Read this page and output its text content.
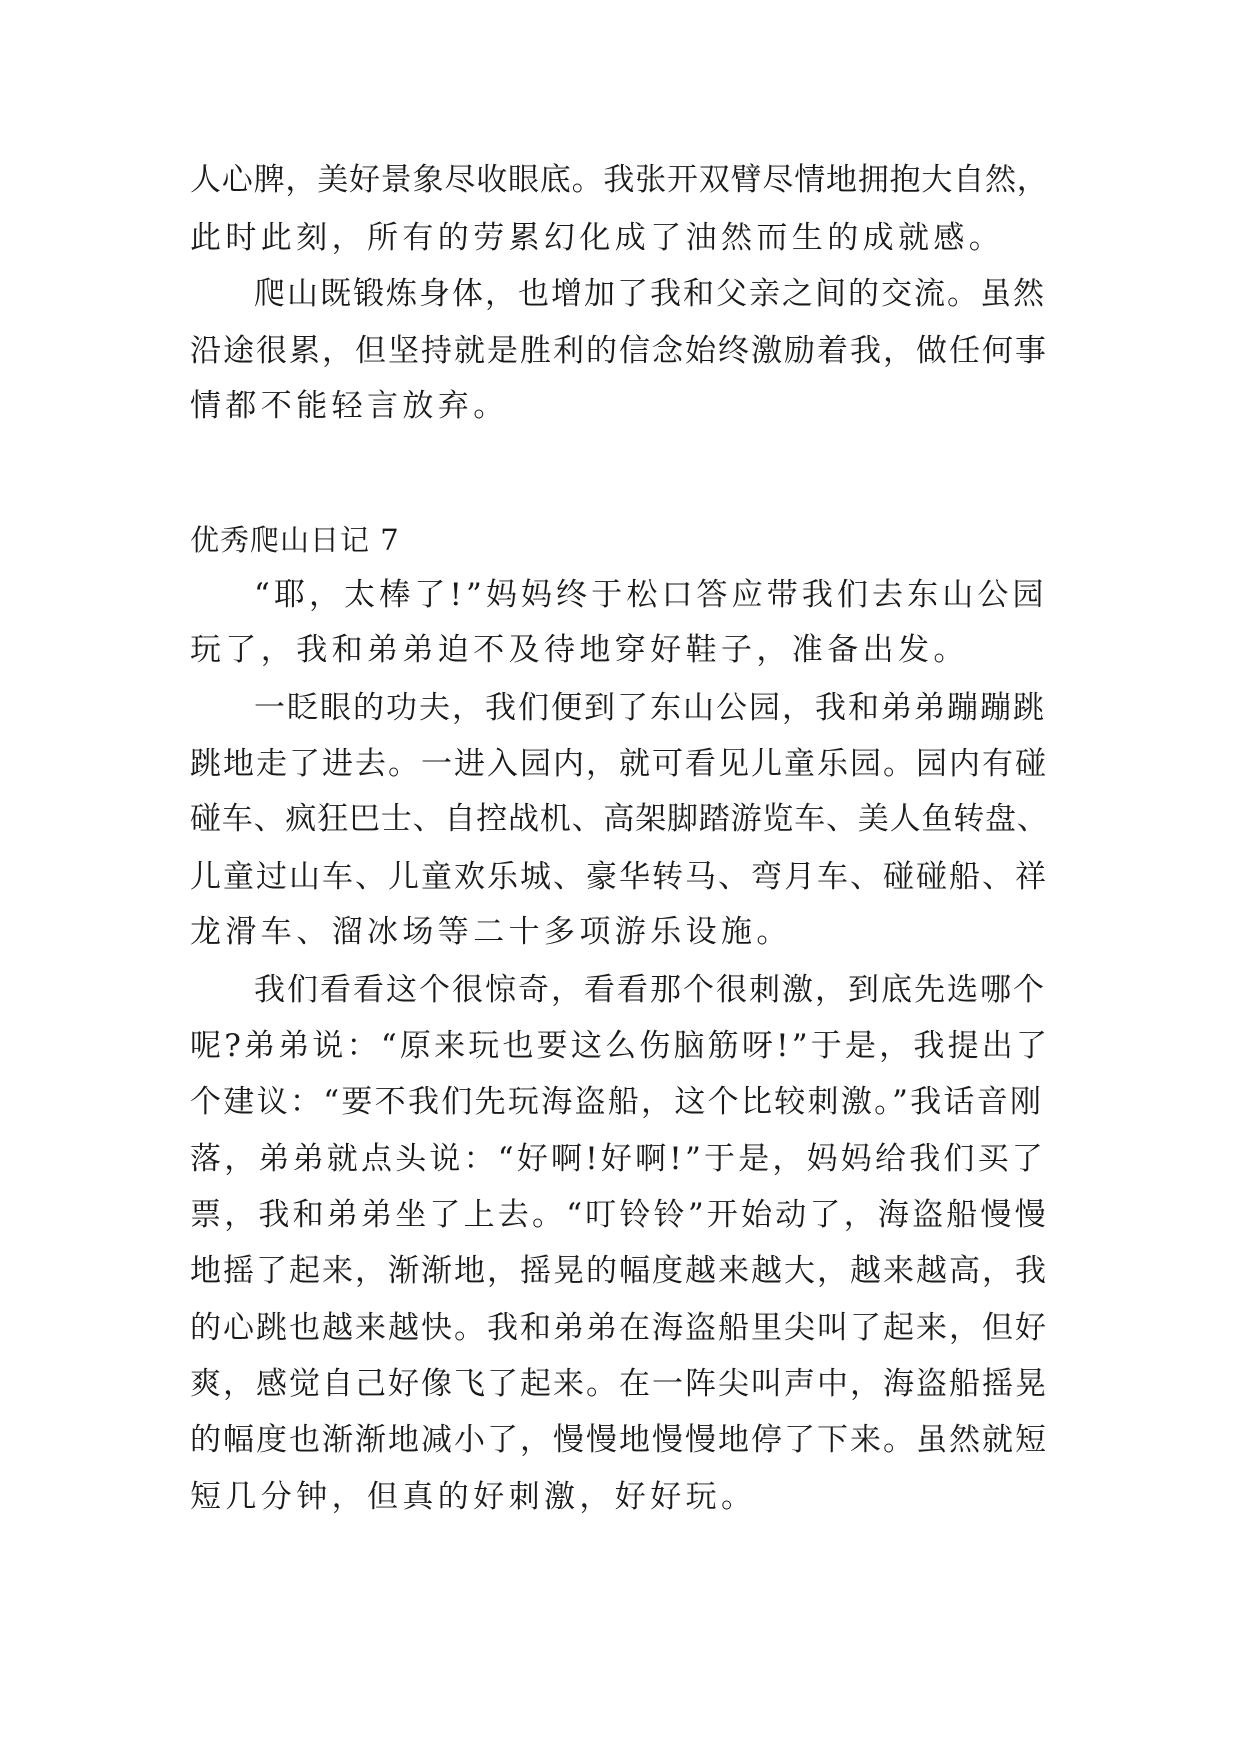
人心脾，美好景象尽收眼底。我张开双臂尽情地拥抱大自然，
此时此刻，所有的劳累幻化成了油然而生的成就感。
爬山既锻炼身体，也增加了我和父亲之间的交流。虽然
沿途很累，但坚持就是胜利的信念始终激励着我，做任何事
情都不能轻言放弃。
优秀爬山日记 7
“耶，太棒了!”妈妈终于松口答应带我们去东山公园
玩了，我和弟弟迫不及待地穿好鞋子，准备出发。
一眨眼的功夫，我们便到了东山公园，我和弟弟蹦蹦跳
跳地走了进去。一进入园内，就可看见儿童乐园。园内有碰
碰车、疯狂巴士、自控战机、高架脚踏游览车、美人鱼转盘、
儿童过山车、儿童欢乐城、豪华转马、弯月车、碰碰船、祥
龙滑车、溜冰场等二十多项游乐设施。
我们看看这个很惊奇，看看那个很刺激，到底先选哪个
呢?弟弟说：“原来玩也要这么伤脑筋呀!”于是，我提出了
个建议：“要不我们先玩海盗船，这个比较刺激。”我话音刚
落，弟弟就点头说：“好啊!好啊!”于是，妈妈给我们买了
票，我和弟弟坐了上去。“叮铃铃”开始动了，海盗船慢慢
地摇了起来，渐渐地，摇晃的幅度越来越大，越来越高，我
的心跳也越来越快。我和弟弟在海盗船里尖叫了起来，但好
爽，感觉自己好像飞了起来。在一阵尖叫声中，海盗船摇晃
的幅度也渐渐地减小了，慢慢地慢慢地停了下来。虽然就短
短几分钟，但真的好刺激，好好玩。
